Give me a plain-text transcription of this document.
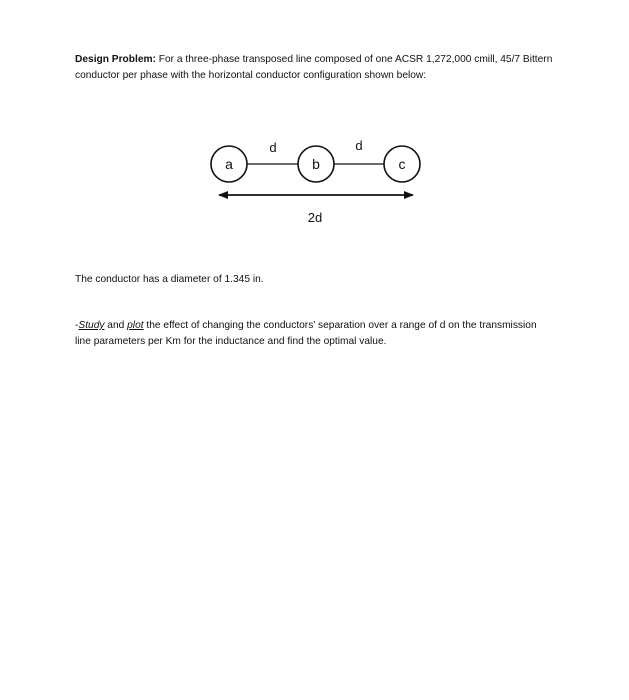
Design Problem: For a three-phase transposed line composed of one ACSR 1,272,000 cmill, 45/7 Bittern
conductor per phase with the horizontal conductor configuration shown below:
a	b	c
d	d
2d
The conductor has a diameter of 1.345 in.
-Study and plot the effect of changing the conductors’ separation over a range of d on the transmission
line parameters per Km for the inductance and find the optimal value.
